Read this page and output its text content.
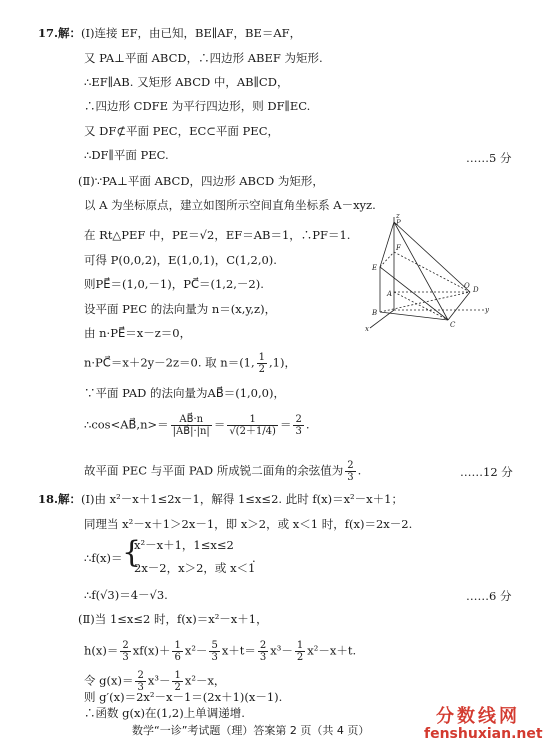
17.解：(Ⅰ)连接 EF，由已知，BE∥AF，BE＝AF，
又 PA⊥平面 ABCD，∴四边形 ABEF 为矩形.
∴EF∥AB. 又矩形 ABCD 中，AB∥CD，
∴四边形 CDFE 为平行四边形，则 DF∥EC.
又 DF⊄平面 PEC，EC⊂平面 PEC，
∴DF∥平面 PEC.	……5 分
(Ⅱ)∵PA⊥平面 ABCD，四边形 ABCD 为矩形，
以 A 为坐标原点，建立如图所示空间直角坐标系 A－xyz.
在 Rt△PEF 中，PE＝√2，EF＝AB＝1，∴PF＝1.
可得 P(0,0,2)，E(1,0,1)，C(1,2,0).
则PE⃗＝(1,0,－1)，PC⃗＝(1,2,－2).
设平面 PEC 的法向量为 n＝(x,y,z)，
由 n·PE⃗＝x－z＝0，
n·PC⃗＝x＋2y－2z＝0. 取 n＝(1, $\frac{1}{2} ,1$)，
∵平面 PAD 的法向量为AB⃗＝(1,0,0)，
∴cos<AB⃗,n>＝ $\frac{AB⃗\cdot n}{|AB⃗|\cdot|n|} = \frac{1}{√(2+1/4)} = \frac{2}{3}$ .
故平面 PEC 与平面 PAD 所成锐二面角的余弦值为 $\frac{2}{3}$ .	……12 分
z
P
F
E
D
A
O
y
B
C
x
18.解：(Ⅰ)由 x²－x＋1≤2x－1，解得 1≤x≤2. 此时 f(x)＝x²－x＋1；
同理当 x²－x＋1＞2x－1，即 x＞2，或 x＜1 时，f(x)＝2x－2.
∴f(x)＝ {
x²－x＋1，1≤x≤2
2x－2，x＞2，或 x＜1
.
∴f(√3)＝4－√3.	……6 分
(Ⅱ)当 1≤x≤2 时，f(x)＝x²－x＋1，
$h(x)= \frac{2}{3} xf(x)+ \frac{1}{6} x^2- \frac{5}{3} x+t= \frac{2}{3} x^3- \frac{1}{2} x^2-x+t$.
令 $g(x)= \frac{2}{3} x^3- \frac{1}{2} x^2-x$，
则 g′(x)＝2x²－x－1＝(2x＋1)(x－1).
∴函数 g(x)在(1,2)上单调递增.
数学“一诊”考试题（理）答案第 2 页（共 4 页）
分数线网
fenshuxian.net
